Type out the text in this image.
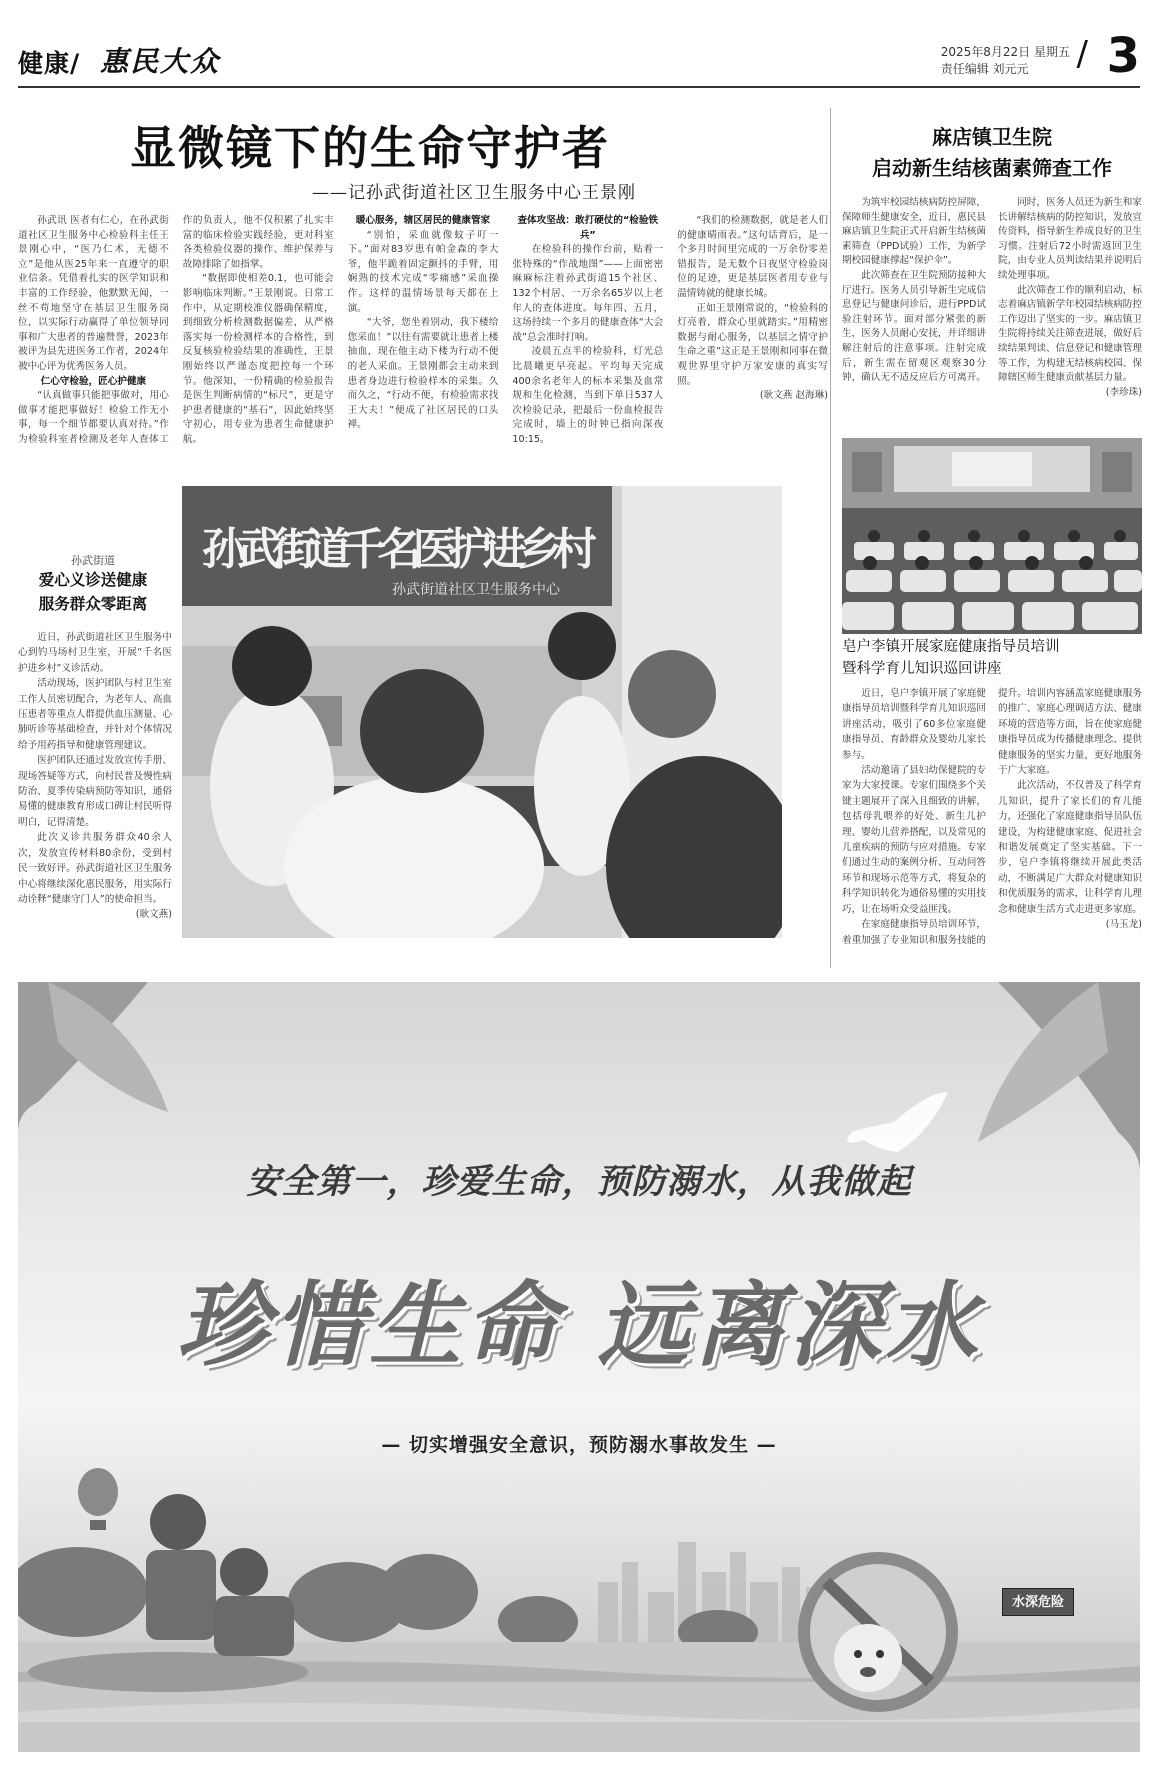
健康/ 惠民大众	2025年8月22日 星期五
责任编辑 刘元元	/ 3
显微镜下的生命守护者
——记孙武街道社区卫生服务中心王景刚

孙武讯 医者有仁心，在孙武街道社区卫生服务中心检验科主任王景刚心中，“医乃仁术，无德不立”是他从医25年来一直遵守的职业信条。凭借着扎实的医学知识和丰富的工作经验，他默默无闻，一丝不苟地坚守在基层卫生服务岗位，以实际行动赢得了单位领导同事和广大患者的普遍赞誉，2023年被评为县先进医务工作者，2024年被中心评为优秀医务人员。

仁心守检验，匠心护健康

“认真做事只能把事做对，用心做事才能把事做好！检验工作无小事，每一个细节都要认真对待。”作为检验科室者检测及老年人查体工作的负责人，他不仅积累了扎实丰富的临床检验实践经验，更对科室各类检验仪器的操作、维护保养与故障排除了如指掌。

“数据即使相差0.1，也可能会影响临床判断。”王景刚说。日常工作中，从定期校准仪器确保精度，到细致分析检测数据偏差，从严格落实每一份检测样本的合格性，到反复核验检验结果的准确性，王景刚始终以严谨态度把控每一个环节。他深知，一份精确的检验报告是医生判断病情的“标尺”，更是守护患者健康的“基石”，因此始终坚守初心，用专业为患者生命健康护航。

暖心服务，辖区居民的健康管家

“别怕，采血就像蚊子叮一下。”面对83岁患有帕金森的李大爷，他半跪着固定颤抖的手臂，用娴熟的技术完成“零痛感”采血操作。这样的温情场景每天都在上演。

“大爷，您坐着别动，我下楼给您采血！”以往有需要就让患者上楼抽血，现在他主动下楼为行动不便的老人采血。王景刚都会主动来到患者身边进行检验样本的采集。久而久之，“行动不便，有检验需求找王大夫！”便成了社区居民的口头禅。

查体攻坚战：敢打硬仗的“检验铁兵”

在检验科的操作台前，贴着一张特殊的“作战地图”——上面密密麻麻标注着孙武街道15个社区、132个村居、一万余名65岁以上老年人的查体进度。每年四、五月，这场持续一个多月的健康查体“大会战”总会准时打响。

凌晨五点半的检验科，灯光总比晨曦更早亮起。平均每天完成400余名老年人的标本采集及血常规和生化检测，当到下单日537人次检验记录，把最后一份血检报告完成时，墙上的时钟已指向深夜10:15。

“我们的检测数据，就是老人们的健康晴雨表。”这句话背后，是一个多月时间里完成的一万余份零差错报告，是无数个日夜坚守检验岗位的足迹，更是基层医者用专业与温情铸就的健康长城。

正如王景刚常说的，“检验科的灯亮着，群众心里就踏实。”用精密数据与耐心服务，以基层之情守护生命之重”这正是王景刚和同事在微观世界里守护万家安康的真实写照。

(耿文燕 赵海琳)

麻店镇卫生院
启动新生结核菌素筛查工作

为筑牢校园结核病防控屏障，保障师生健康安全，近日，惠民县麻店镇卫生院正式开启新生结核菌素筛查（PPD试验）工作，为新学期校园健康撑起“保护伞”。

此次筛查在卫生院预防接种大厅进行。医务人员引导新生完成信息登记与健康问诊后，进行PPD试验注射环节。面对部分紧张的新生，医务人员耐心安抚，并详细讲解注射后的注意事项。注射完成后，新生需在留观区观察30分钟，确认无不适反应后方可离开。

同时，医务人员还为新生和家长讲解结核病的防控知识，发放宣传资料，指导新生养成良好的卫生习惯。注射后72小时需返回卫生院，由专业人员判读结果并说明后续处理事项。

此次筛查工作的顺利启动，标志着麻店镇新学年校园结核病防控工作迈出了坚实的一步。麻店镇卫生院将持续关注筛查进展，做好后续结果判读、信息登记和健康管理等工作，为构建无结核病校园、保障辖区师生健康贡献基层力量。

(李珍珠)

皂户李镇开展家庭健康指导员培训
暨科学育儿知识巡回讲座

近日，皂户李镇开展了家庭健康指导员培训暨科学育儿知识巡回讲座活动，吸引了60多位家庭健康指导员、育龄群众及婴幼儿家长参与。

活动邀请了县妇幼保健院的专家为大家授课。专家们围绕多个关键主题展开了深入且细致的讲解，包括母乳喂养的好处、新生儿护理、婴幼儿营养搭配，以及常见的儿童疾病的预防与应对措施。专家们通过生动的案例分析、互动问答环节和现场示范等方式，将复杂的科学知识转化为通俗易懂的实用技巧，让在场听众受益匪浅。

在家庭健康指导员培训环节，着重加强了专业知识和服务技能的提升。培训内容涵盖家庭健康服务的推广、家庭心理调适方法、健康环境的营造等方面，旨在使家庭健康指导员成为传播健康理念、提供健康服务的坚实力量，更好地服务于广大家庭。

此次活动，不仅普及了科学育儿知识，提升了家长们的育儿能力，还强化了家庭健康指导员队伍建设，为构建健康家庭、促进社会和谐发展奠定了坚实基础。下一步，皂户李镇将继续开展此类活动，不断满足广大群众对健康知识和优质服务的需求，让科学育儿理念和健康生活方式走进更多家庭。

(马玉龙)

孙武街道
爱心义诊送健康
服务群众零距离

近日，孙武街道社区卫生服务中心到钓马场村卫生室，开展“千名医护进乡村”义诊活动。

活动现场，医护团队与村卫生室工作人员密切配合，为老年人、高血压患者等重点人群提供血压测量、心肺听诊等基础检查，并针对个体情况给予用药指导和健康管理建议。

医护团队还通过发放宣传手册、现场答疑等方式，向村民普及慢性病防治、夏季传染病预防等知识，通俗易懂的健康教育形成口碑让村民听得明白，记得清楚。

此次义诊共服务群众40余人次，发放宣传材料80余份，受到村民一致好评。孙武街道社区卫生服务中心将继续深化惠民服务，用实际行动诠释“健康守门人”的使命担当。

(耿文燕)

孙武街道千名医护进乡村
孙武街道社区卫生服务中心
安全第一，珍爱生命，预防溺水，从我做起
珍惜生命 远离深水
— 切实增强安全意识，预防溺水事故发生 —
水深危险
